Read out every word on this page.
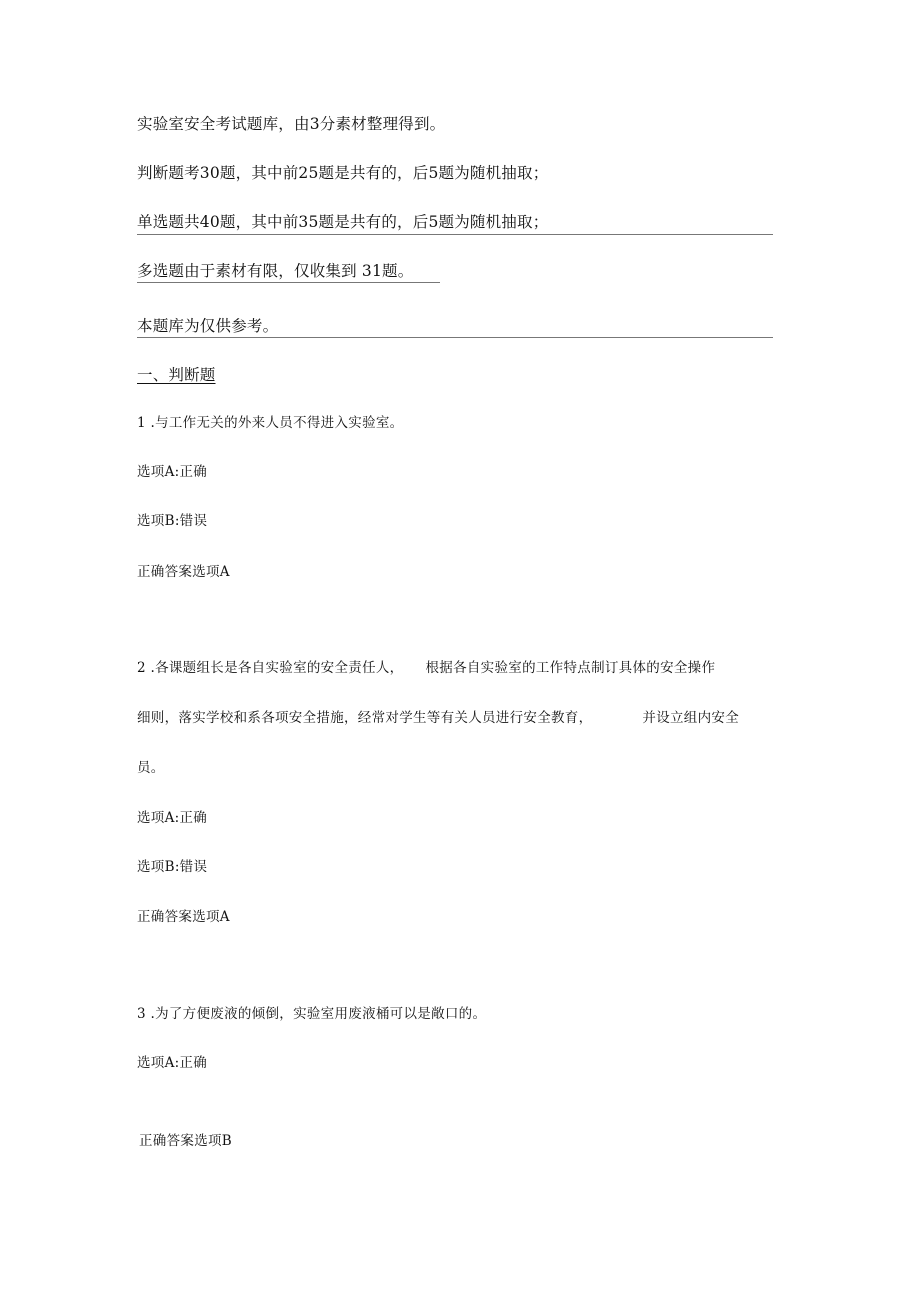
实验室安全考试题库，由3分素材整理得到。
判断题考30题，其中前25题是共有的，后5题为随机抽取；
单选题共40题，其中前35题是共有的，后5题为随机抽取；
多选题由于素材有限，仅收集到 31题。
本题库为仅供参考。
一、判断题
1 .与工作无关的外来人员不得进入实验室。
选项A:正确
选项B:错误
正确答案选项A
2 .各课题组长是各自实验室的安全责任人， 根据各自实验室的工作特点制订具体的安全操作
细则，落实学校和系各项安全措施，经常对学生等有关人员进行安全教育，	并设立组内安全
员。
选项A:正确
选项B:错误
正确答案选项A
3 .为了方便废液的倾倒，实验室用废液桶可以是敞口的。
选项A:正确
正确答案选项B
